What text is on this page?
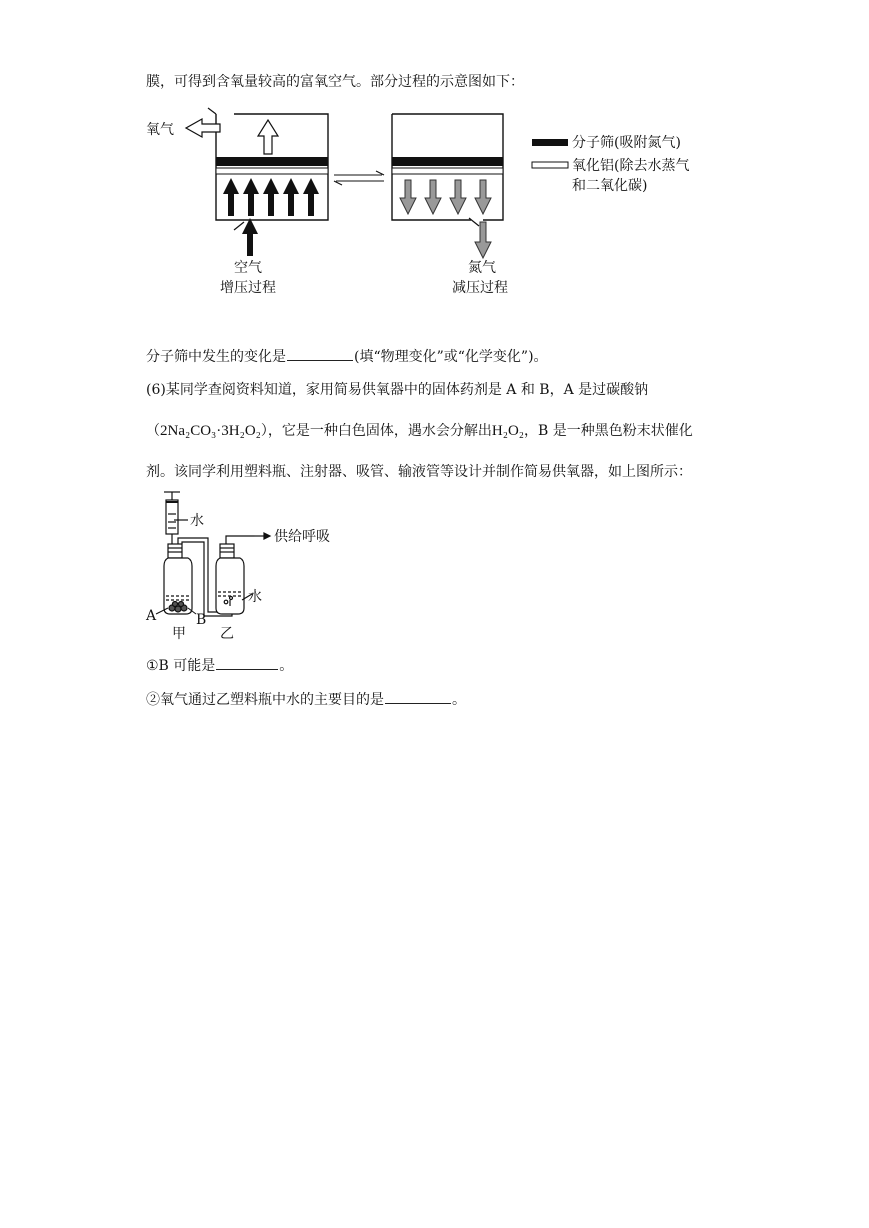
膜，可得到含氧量较高的富氧空气。部分过程的示意图如下：
氧气
空气
增压过程
氮气
减压过程
分子筛(吸附氮气)
氧化铝(除去水蒸气
和二氧化碳)
分子筛中发生的变化是	(填“物理变化”或“化学变化”)。
(6)某同学查阅资料知道，家用简易供氧器中的固体药剂是 A 和 B，A 是过碳酸钠
（2Na₂CO₃·3H₂O₂），它是一种白色固体，遇水会分解出H₂O₂，B 是一种黑色粉末状催化
剂。该同学利用塑料瓶、注射器、吸管、输液管等设计并制作简易供氧器，如上图所示：
水
供给呼吸
水
A	B
甲 乙
①B 可能是	。
②氧气通过乙塑料瓶中水的主要目的是	。
